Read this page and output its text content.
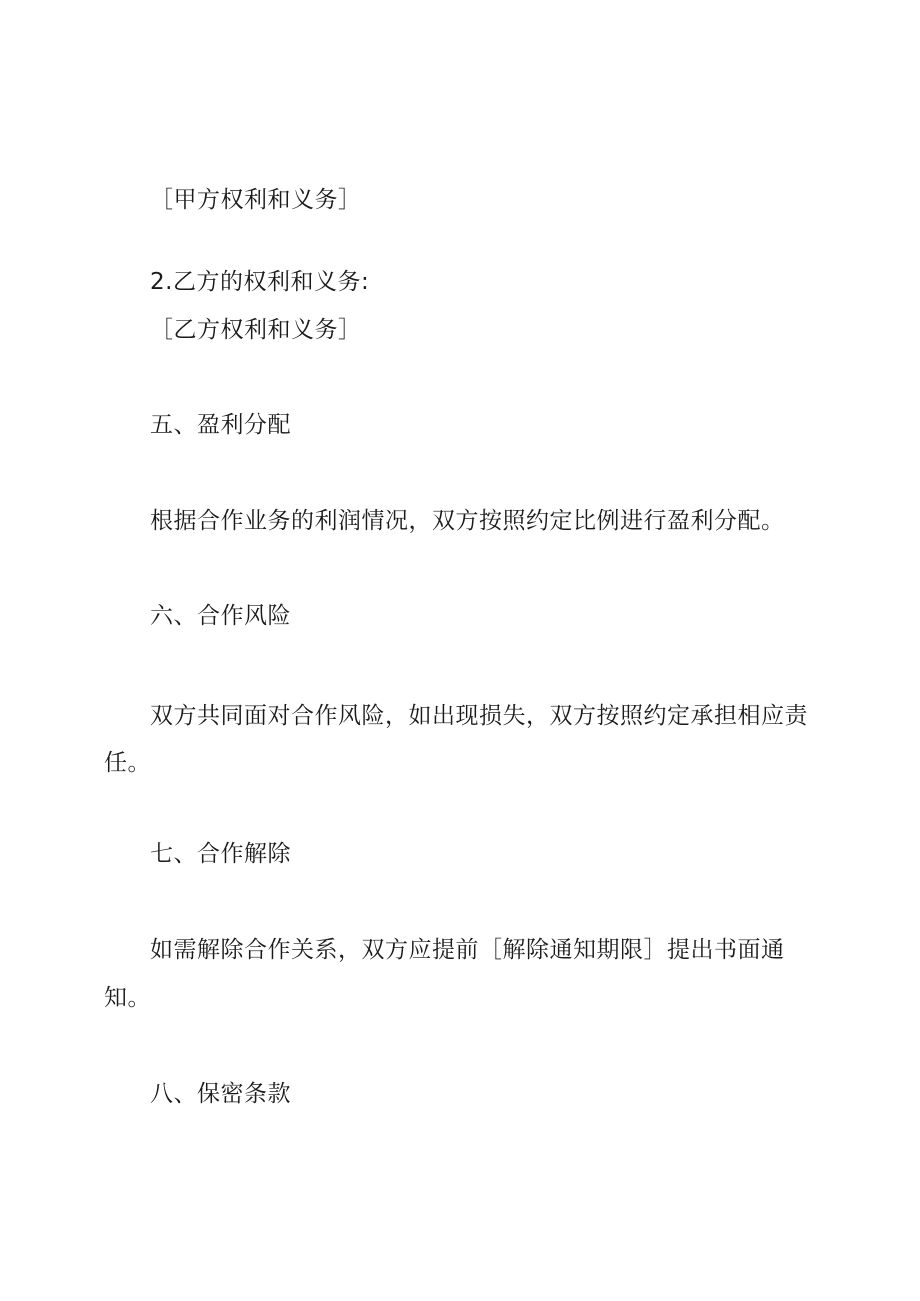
［甲方权利和义务］
2.乙方的权利和义务:
［乙方权利和义务］
五、盈利分配
根据合作业务的利润情况，双方按照约定比例进行盈利分配。
六、合作风险
双方共同面对合作风险，如出现损失，双方按照约定承担相应责
任。
七、合作解除
如需解除合作关系，双方应提前［解除通知期限］提出书面通
知。
八、保密条款
